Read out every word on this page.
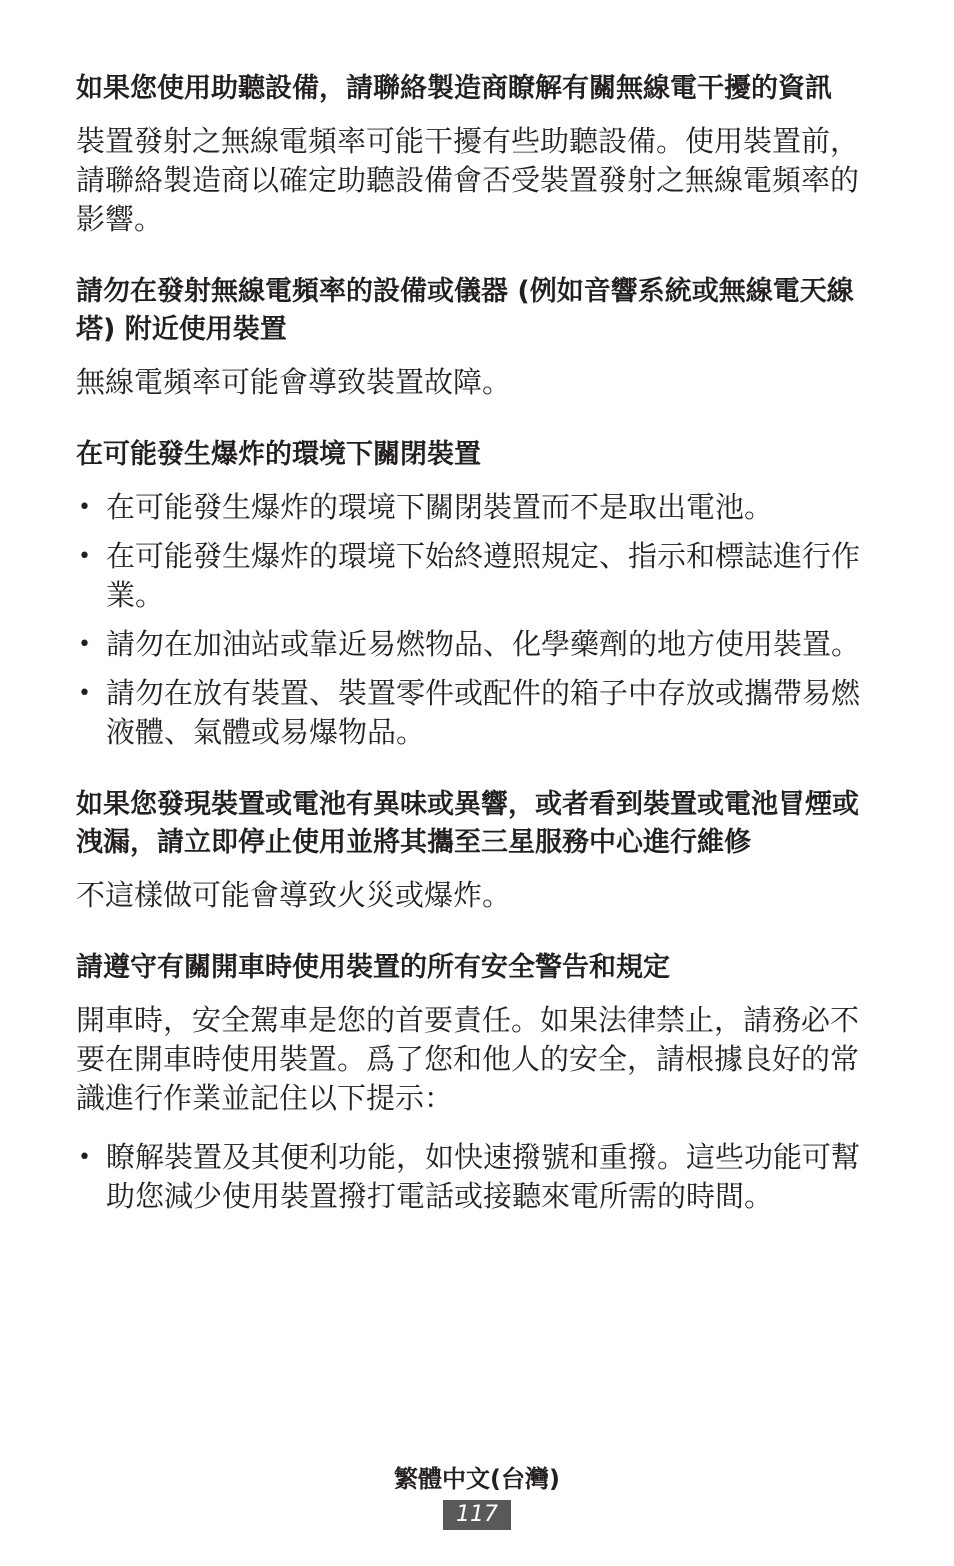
如果您使用助聽設備，請聯絡製造商瞭解有關無線電干擾的資訊

裝置發射之無線電頻率可能干擾有些助聽設備。使用裝置前，請聯絡製造商以確定助聽設備會否受裝置發射之無線電頻率的影響。

請勿在發射無線電頻率的設備或儀器 (例如音響系統或無線電天線塔) 附近使用裝置

無線電頻率可能會導致裝置故障。

在可能發生爆炸的環境下關閉裝置
• 在可能發生爆炸的環境下關閉裝置而不是取出電池。
• 在可能發生爆炸的環境下始終遵照規定、指示和標誌進行作業。
• 請勿在加油站或靠近易燃物品、化學藥劑的地方使用裝置。
• 請勿在放有裝置、裝置零件或配件的箱子中存放或攜帶易燃液體、氣體或易爆物品。
如果您發現裝置或電池有異味或異響，或者看到裝置或電池冒煙或洩漏，請立即停止使用並將其攜至三星服務中心進行維修

不這樣做可能會導致火災或爆炸。

請遵守有關開車時使用裝置的所有安全警告和規定

開車時，安全駕車是您的首要責任。如果法律禁止，請務必不要在開車時使用裝置。爲了您和他人的安全，請根據良好的常識進行作業並記住以下提示：

• 瞭解裝置及其便利功能，如快速撥號和重撥。這些功能可幫助您減少使用裝置撥打電話或接聽來電所需的時間。
繁體中文(台灣)
117
